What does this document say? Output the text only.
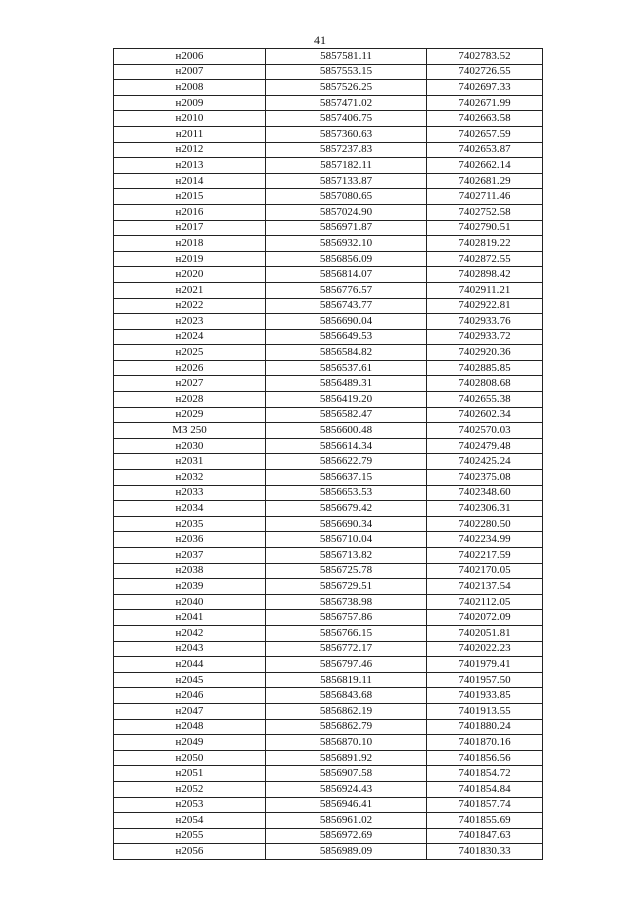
41
н2006	5857581.11	7402783.52
н2007	5857553.15	7402726.55
н2008	5857526.25	7402697.33
н2009	5857471.02	7402671.99
н2010	5857406.75	7402663.58
н2011	5857360.63	7402657.59
н2012	5857237.83	7402653.87
н2013	5857182.11	7402662.14
н2014	5857133.87	7402681.29
н2015	5857080.65	7402711.46
н2016	5857024.90	7402752.58
н2017	5856971.87	7402790.51
н2018	5856932.10	7402819.22
н2019	5856856.09	7402872.55
н2020	5856814.07	7402898.42
н2021	5856776.57	7402911.21
н2022	5856743.77	7402922.81
н2023	5856690.04	7402933.76
н2024	5856649.53	7402933.72
н2025	5856584.82	7402920.36
н2026	5856537.61	7402885.85
н2027	5856489.31	7402808.68
н2028	5856419.20	7402655.38
н2029	5856582.47	7402602.34
МЗ 250	5856600.48	7402570.03
н2030	5856614.34	7402479.48
н2031	5856622.79	7402425.24
н2032	5856637.15	7402375.08
н2033	5856653.53	7402348.60
н2034	5856679.42	7402306.31
н2035	5856690.34	7402280.50
н2036	5856710.04	7402234.99
н2037	5856713.82	7402217.59
н2038	5856725.78	7402170.05
н2039	5856729.51	7402137.54
н2040	5856738.98	7402112.05
н2041	5856757.86	7402072.09
н2042	5856766.15	7402051.81
н2043	5856772.17	7402022.23
н2044	5856797.46	7401979.41
н2045	5856819.11	7401957.50
н2046	5856843.68	7401933.85
н2047	5856862.19	7401913.55
н2048	5856862.79	7401880.24
н2049	5856870.10	7401870.16
н2050	5856891.92	7401856.56
н2051	5856907.58	7401854.72
н2052	5856924.43	7401854.84
н2053	5856946.41	7401857.74
н2054	5856961.02	7401855.69
н2055	5856972.69	7401847.63
н2056	5856989.09	7401830.33
